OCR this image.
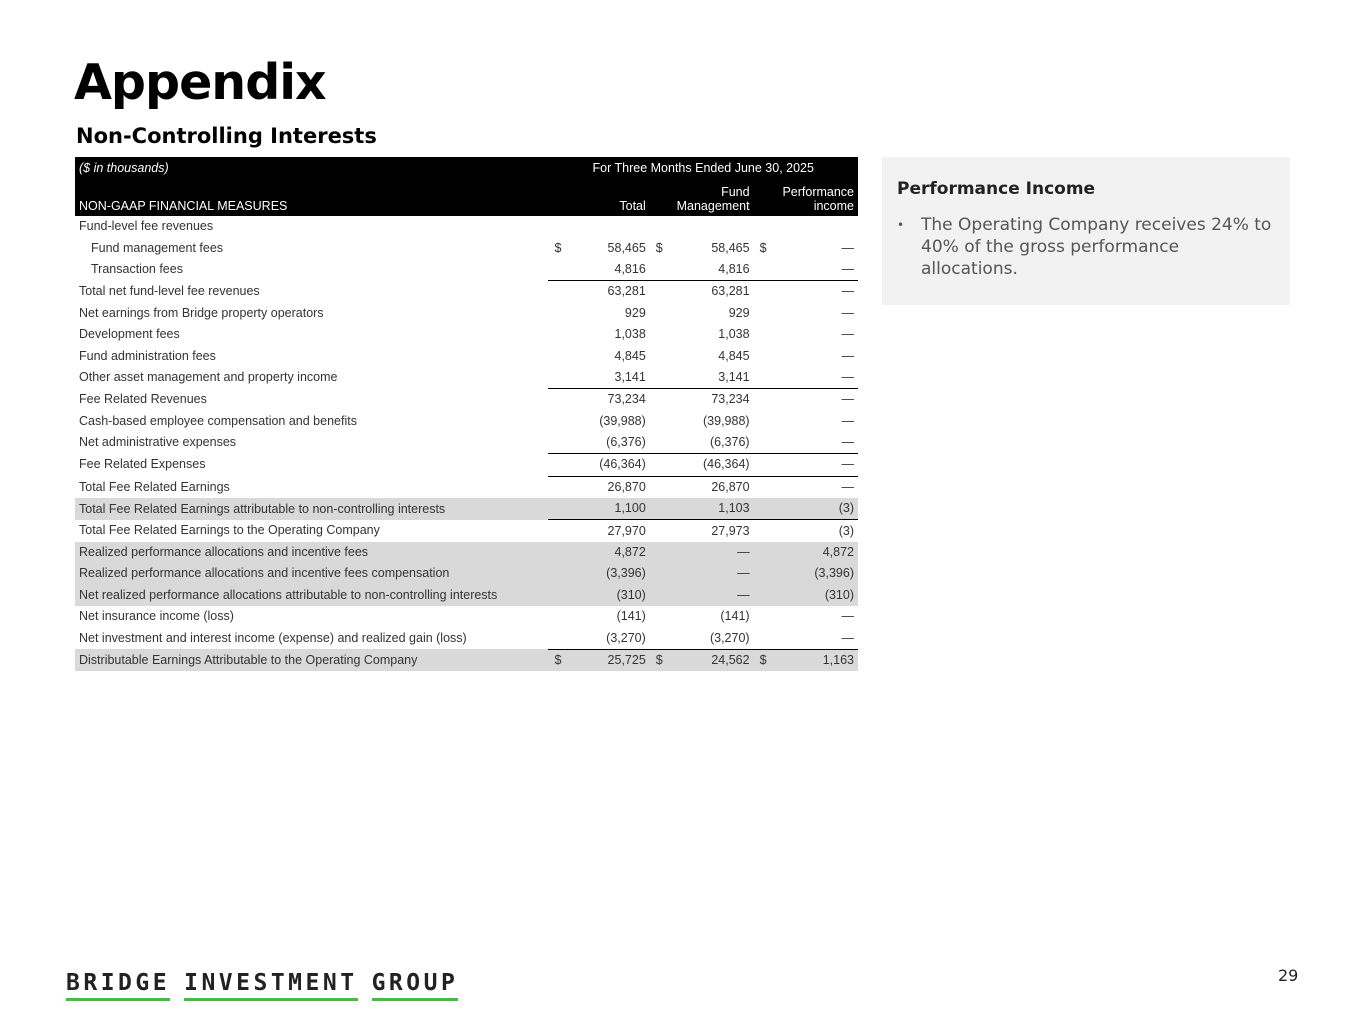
Appendix
Non-Controlling Interests
($ in thousands)	For Three Months Ended June 30, 2025					
NON-GAAP FINANCIAL MEASURES		Total	Fund
Management		Performance
income	
Fund-level fee revenues						
Fund management fees	$	58,465	$	58,465	$	—
Transaction fees		4,816		4,816		—
Total net fund-level fee revenues		63,281		63,281		—
Net earnings from Bridge property operators		929		929		—
Development fees		1,038		1,038		—
Fund administration fees		4,845		4,845		—
Other asset management and property income		3,141		3,141		—
Fee Related Revenues		73,234		73,234		—
Cash-based employee compensation and benefits		(39,988)		(39,988)		—
Net administrative expenses		(6,376)		(6,376)		—
Fee Related Expenses		(46,364)		(46,364)		—
Total Fee Related Earnings		26,870		26,870		—
Total Fee Related Earnings attributable to non-controlling interests		1,100		1,103		(3)
Total Fee Related Earnings to the Operating Company		27,970		27,973		(3)
Realized performance allocations and incentive fees		4,872		—		4,872
Realized performance allocations and incentive fees compensation		(3,396)		—		(3,396)
Net realized performance allocations attributable to non-controlling interests		(310)		—		(310)
Net insurance income (loss)		(141)		(141)		—
Net investment and interest income (expense) and realized gain (loss)		(3,270)		(3,270)		—
Distributable Earnings Attributable to the Operating Company	$	25,725	$	24,562	$	1,163
Performance Income
• The Operating Company receives 24% to 40% of the gross performance allocations.
BRIDGE INVESTMENT GROUP	29
